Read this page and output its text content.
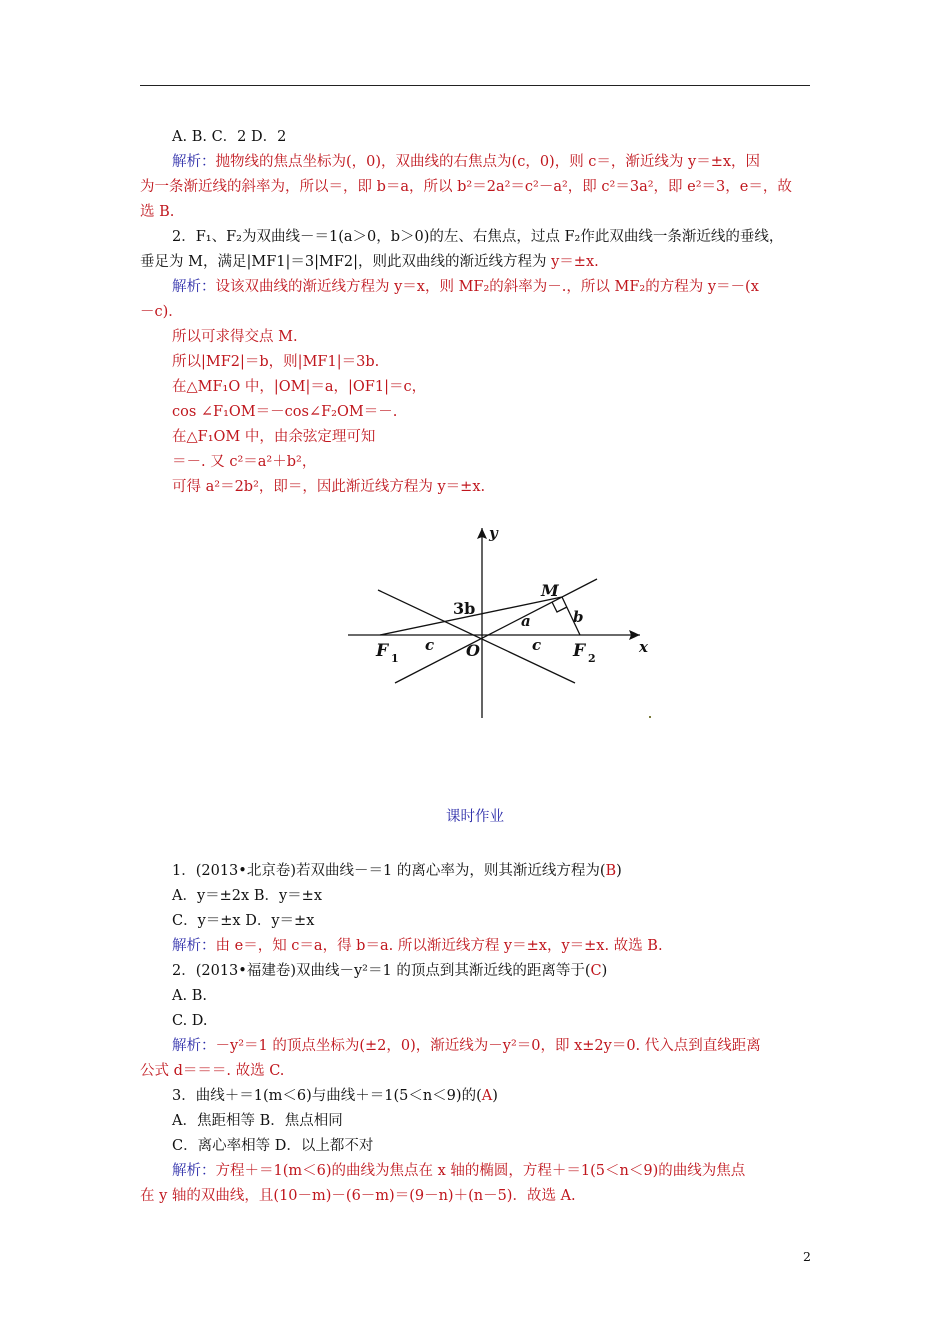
A. B. C．2 D．2
解析：抛物线的焦点坐标为(，0)，双曲线的右焦点为(c，0)，则 c＝，渐近线为 y＝±x，因
为一条渐近线的斜率为，所以＝，即 b＝a，所以 b²＝2a²＝c²－a²，即 c²＝3a²，即 e²＝3，e＝，故
选 B.
2．F₁、F₂为双曲线－＝1(a＞0，b＞0)的左、右焦点，过点 F₂作此双曲线一条渐近线的垂线，
垂足为 M，满足|MF1|＝3|MF2|，则此双曲线的渐近线方程为 y＝±x.
解析：设该双曲线的渐近线方程为 y＝x，则 MF₂的斜率为－.，所以 MF₂的方程为 y＝－(x
－c)．
所以可求得交点 M.
所以|MF2|＝b，则|MF1|＝3b.
在△MF₁O 中，|OM|＝a，|OF1|＝c，
cos ∠F₁OM＝－cos∠F₂OM＝－.
在△F₁OM 中，由余弦定理可知
＝－. 又 c²＝a²＋b²，
可得 a²＝2b²，即＝，因此渐近线方程为 y＝±x.
y
x
M
3b
a	b
c	c
O
F 1	F 2
课时作业
1．(2013•北京卷)若双曲线－＝1 的离心率为，则其渐近线方程为(B)
A．y＝±2x B．y＝±x
C．y＝±x D．y＝±x
解析：由 e＝，知 c＝a，得 b＝a. 所以渐近线方程 y＝±x，y＝±x. 故选 B.
2．(2013•福建卷)双曲线－y²＝1 的顶点到其渐近线的距离等于(C)
A. B.
C. D.
解析：－y²＝1 的顶点坐标为(±2，0)，渐近线为－y²＝0，即 x±2y＝0. 代入点到直线距离
公式 d＝＝＝. 故选 C.
3．曲线＋＝1(m＜6)与曲线＋＝1(5＜n＜9)的(A)
A．焦距相等 B．焦点相同
C．离心率相等 D．以上都不对
解析：方程＋＝1(m＜6)的曲线为焦点在 x 轴的椭圆，方程＋＝1(5＜n＜9)的曲线为焦点
在 y 轴的双曲线，且(10－m)－(6－m)＝(9－n)＋(n－5)．故选 A.
2
